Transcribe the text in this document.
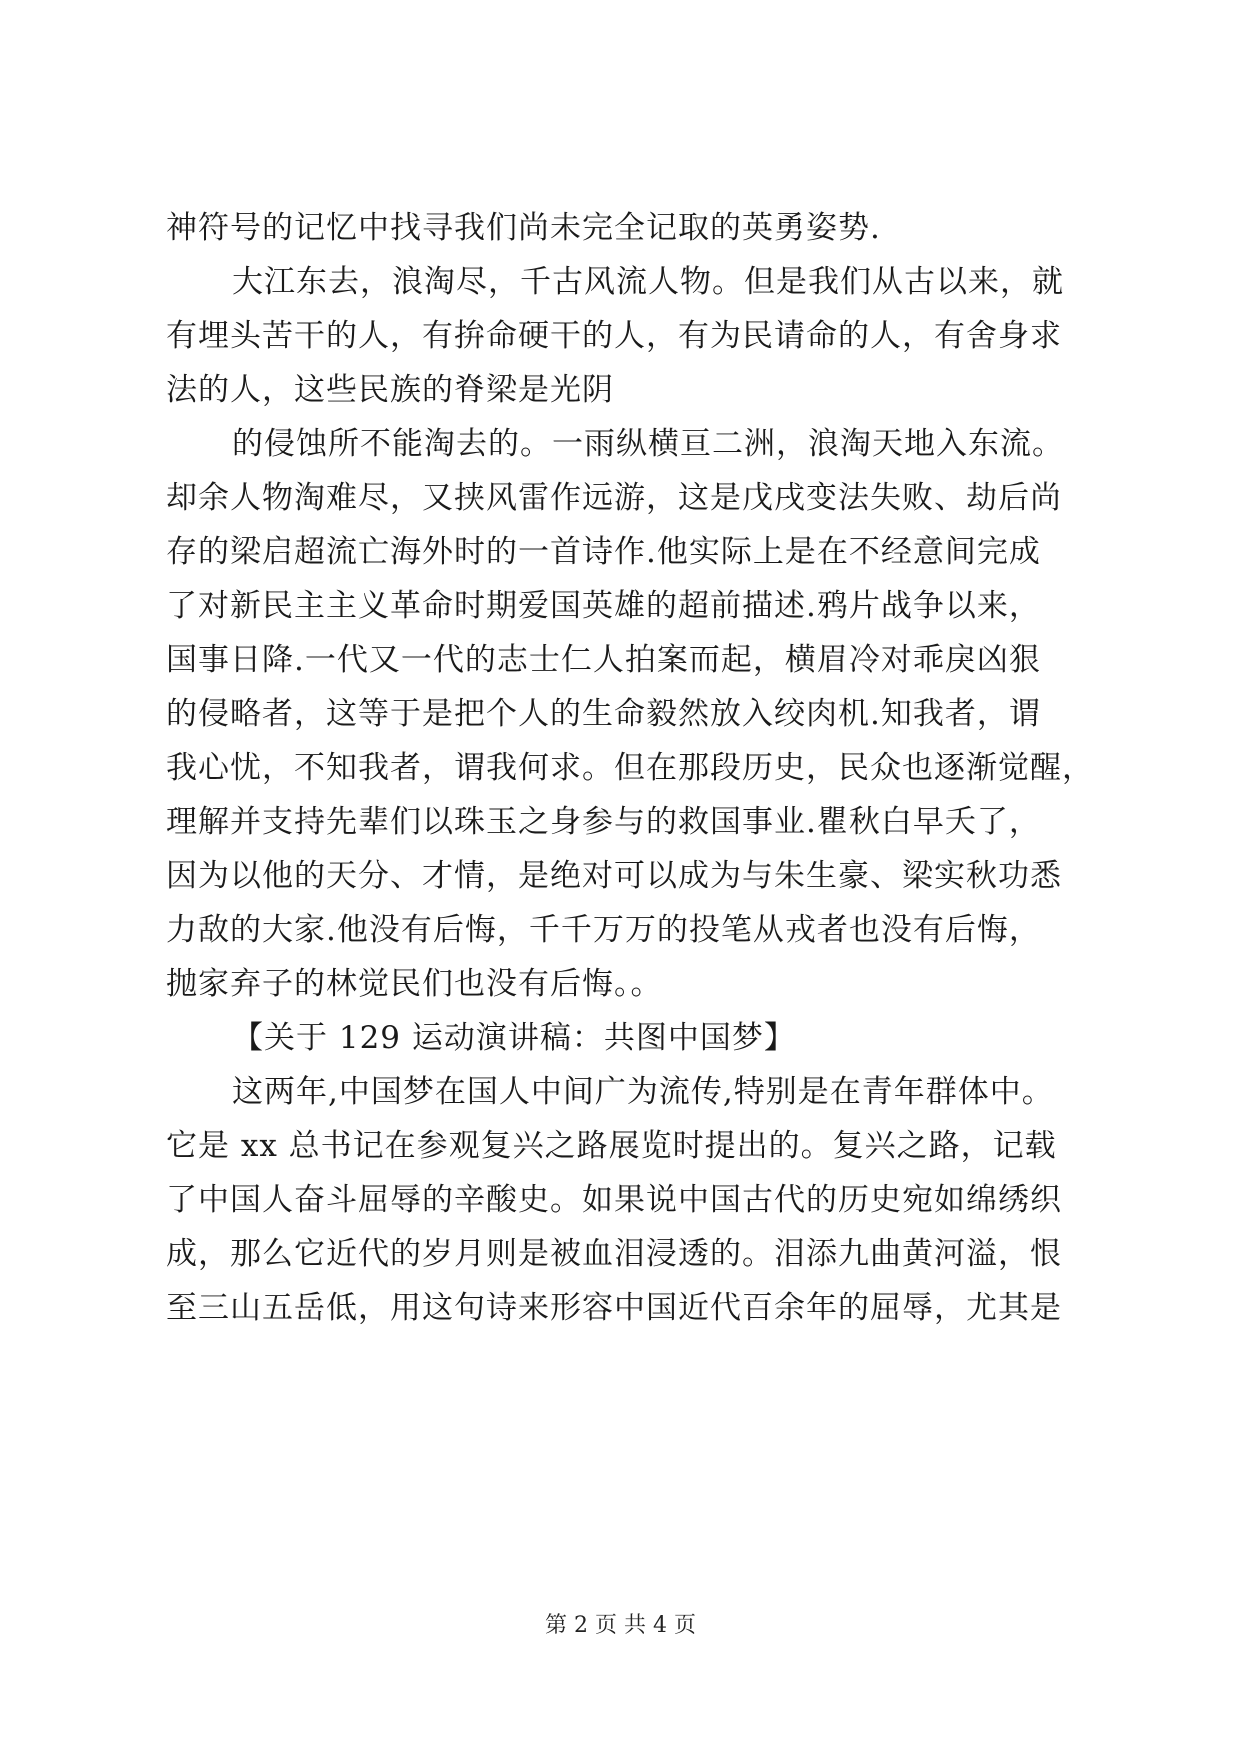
神符号的记忆中找寻我们尚未完全记取的英勇姿势.
大江东去，浪淘尽，千古风流人物。但是我们从古以来，就
有埋头苦干的人，有拚命硬干的人，有为民请命的人，有舍身求
法的人，这些民族的脊梁是光阴
的侵蚀所不能淘去的。一雨纵横亘二洲，浪淘天地入东流。
却余人物淘难尽，又挟风雷作远游，这是戊戌变法失败、劫后尚
存的梁启超流亡海外时的一首诗作.他实际上是在不经意间完成
了对新民主主义革命时期爱国英雄的超前描述.鸦片战争以来，
国事日降.一代又一代的志士仁人拍案而起，横眉冷对乖戾凶狠
的侵略者，这等于是把个人的生命毅然放入绞肉机.知我者，谓
我心忧，不知我者，谓我何求。但在那段历史，民众也逐渐觉醒，
理解并支持先辈们以珠玉之身参与的救国事业.瞿秋白早夭了，
因为以他的天分、才情，是绝对可以成为与朱生豪、梁实秋功悉
力敌的大家.他没有后悔，千千万万的投笔从戎者也没有后悔，
抛家弃子的林觉民们也没有后悔。。
【关于 129 运动演讲稿：共图中国梦】
这两年,中国梦在国人中间广为流传,特别是在青年群体中。
它是 xx 总书记在参观复兴之路展览时提出的。复兴之路，记载
了中国人奋斗屈辱的辛酸史。如果说中国古代的历史宛如绵绣织
成，那么它近代的岁月则是被血泪浸透的。泪添九曲黄河溢，恨
至三山五岳低，用这句诗来形容中国近代百余年的屈辱，尤其是
第 2 页 共 4 页
